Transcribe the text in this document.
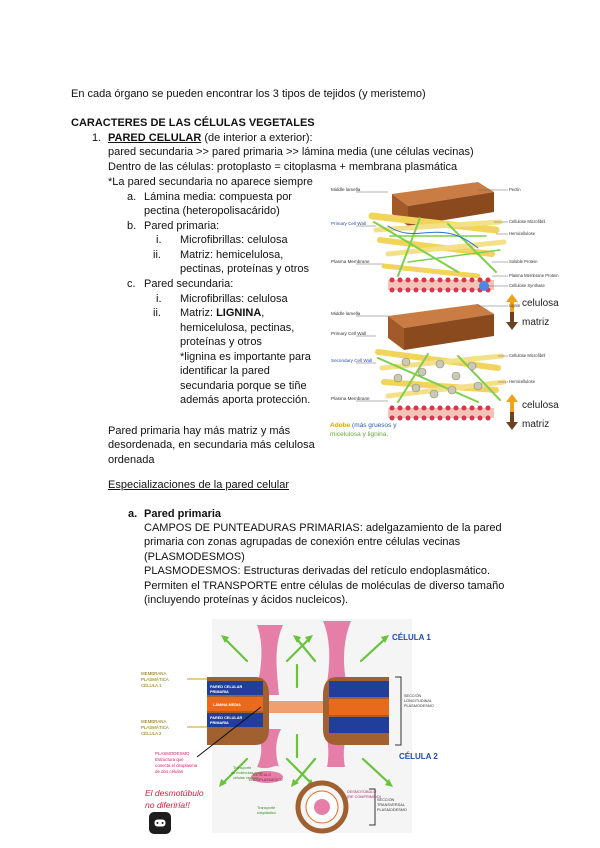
En cada órgano se pueden encontrar los 3 tipos de tejidos (y meristemo)
CARACTERES DE LAS CÉLULAS VEGETALES
1. PARED CELULAR (de interior a exterior):
pared secundaria >> pared primaria >> lámina media (une células vecinas)
Dentro de las células: protoplasto = citoplasma + membrana plasmática
*La pared secundaria no aparece siempre
a. Lámina media: compuesta por
pectina (heteropolisacárido)
b. Pared primaria:
i. Microfibrillas: celulosa
ii. Matriz: hemicelulosa,
pectinas, proteínas y otros
c. Pared secundaria:
i. Microfibrillas: celulosa
ii. Matriz: LIGNINA,
hemicelulosa, pectinas,
proteínas y otros
*lignina es importante para
identificar la pared
secundaria porque se tiñe
además aporta protección.
Pared primaria hay más matriz y más
desordenada, en secundaria más celulosa
ordenada
Especializaciones de la pared celular
a. Pared primaria
CAMPOS DE PUNTEADURAS PRIMARIAS: adelgazamiento de la pared
primaria con zonas agrupadas de conexión entre células vecinas
(PLASMODESMOS)
PLASMODESMOS: Estructuras derivadas del retículo endoplasmático.
Permiten el TRANSPORTE entre células de moléculas de diverso tamaño
(incluyendo proteínas y ácidos nucleicos).
Middle lamella
Primary Cell Wall
Plasma Membrane
Middle lamella
Primary Cell Wall
Secondary Cell Wall
Plasma Membrane
Pectin
Cellulose Microfibril
Hemicellulose
Soluble Protein
Plasma Membrane Protein
Cellulose Synthase
Lignin
Cellulose Microfibril
Hemicellulose
celulosa
matriz
celulosa
matriz
Adobe (más gruesos y
micelulosa y lignina.
CÉLULA 1
CÉLULA 2
MEMBRANA
PLASMÁTICA
CÉLULA 1
MEMBRANA
PLASMÁTICA
CÉLULA 2
PARED CELULAR
PRIMARIA
LÁMINA MEDIA
PARED CELULAR
PRIMARIA
PLASMODESMO
Estructura que
conecta el citoplasma
de dos células
El desmotúbulo
no diferiría!!
SECCIÓN
LONGITUDINAL
PLASMODESMO
SECCIÓN
TRANSVERSAL
PLASMODESMO
RETÍCULO
ENDOPLASMÁTICO
Transporte
de moléculas entre
células vecinas
Transporte
simplástico
DESMOTÚBULO
(RE COMPRIMIDO)
